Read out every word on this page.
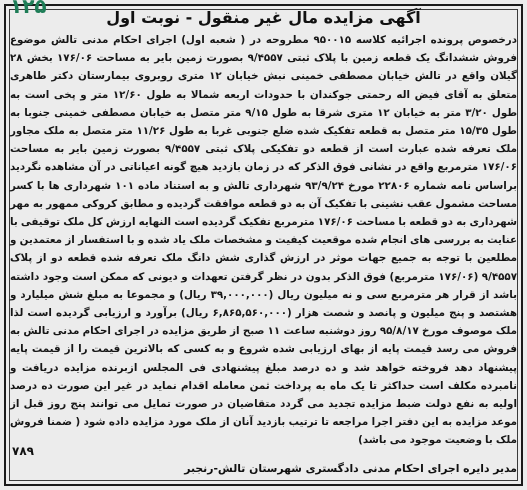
۱۲۵	آگهی مزایده مال غیر منقول - نوبت اول
درخصوص پرونده اجرائیه کلاسه ۹۵۰۰۱۵ مطروحه در ( شعبه اول) اجرای احکام مدنی تالش موضوع فروش ششدانگ یک قطعه زمین با پلاک ثبتی ۹/۴۵۵۷ بصورت زمین بایر به مساحت ۱۷۶/۰۶ بخش ۲۸ گیلان واقع در تالش خیابان مصطفی خمینی نبش خیابان ۱۲ متری روبروی بیمارستان دکتر طاهری متعلق به آقای فیض اله رحمتی جوکندان با حدودات اربعه شمالا به طول ۱۲/۶۰ متر و پخی است به طول ۳/۲۰ متر به خیابان ۱۲ متری شرقا به طول ۹/۱۵ متر متصل به خیابان مصطفی خمینی جنوبا به طول ۱۵/۳۵ متر متصل به قطعه تفکیک شده ضلع جنوبی غربا به طول ۱۱/۲۶ متر متصل به ملک مجاور ملک تعرفه شده عبارت است از قطعه دو تفکیکی پلاک ثبتی ۹/۴۵۵۷ بصورت زمین بایر به مساحت ۱۷۶/۰۶ مترمربع واقع در نشانی فوق الذکر که در زمان بازدید هیچ گونه اعیاناتی در آن مشاهده نگردید براساس نامه شماره ۲۲۸۰۶ مورخ ۹۳/۹/۲۴ شهرداری تالش و به استناد ماده ۱۰۱ شهرداری ها با کسر مساحت مشمول عقب نشینی با تفکیک آن به دو قطعه موافقت گردیده و مطابق کروکی ممهور به مهر شهرداری به دو قطعه با مساحت ۱۷۶/۰۶ مترمربع تفکیک گردیده است النهایه ارزش کل ملک توقیفی با عنایت به بررسی های انجام شده موقعیت کیفیت و مشخصات ملک یاد شده و با استفسار از معتمدین و مطلعین با توجه به جمیع جهات موثر در ارزش گذاری شش دانگ ملک تعرفه شده قطعه دو از پلاک ۹/۴۵۵۷ (۱۷۶/۰۶ مترمربع) فوق الذکر بدون در نظر گرفتن تعهدات و دیونی که ممکن است وجود داشته باشد از قرار هر مترمربع سی و نه میلیون ریال (۳۹,۰۰۰,۰۰۰ ریال) و مجموعا به مبلغ شش میلیارد و هشتصد و پنج میلیون و پانصد و شصت هزار (۶,۸۶۵,۵۶۰,۰۰۰ ریال) برآورد و ارزیابی گردیده است لذا ملک موصوف مورخ ۹۵/۸/۱۷ روز دوشنبه ساعت ۱۱ صبح از طریق مزایده در اجرای احکام مدنی تالش به فروش می رسد قیمت پایه از بهای ارزیابی شده شروع و به کسی که بالاترین قیمت را از قیمت پایه پیشنهاد دهد فروخته خواهد شد و ده درصد مبلغ پیشنهادی فی المجلس ازبرنده مزایده دریافت و نامبرده مکلف است حداکثر تا یک ماه به پرداخت ثمن معامله اقدام نماید در غیر این صورت ده درصد اولیه به نفع دولت ضبط مزایده تجدید می گردد متقاضیان در صورت تمایل می توانند پنج روز قبل از موعد مزایده به این دفتر اجرا مراجعه تا ترتیب بازدید آنان از ملک مورد مزایده داده شود ( ضمنا فروش ملک با وضعیت موجود می باشد)
۷۸۹
مدیر دایره اجرای احکام مدنی دادگستری شهرستان تالش-رنجبر
